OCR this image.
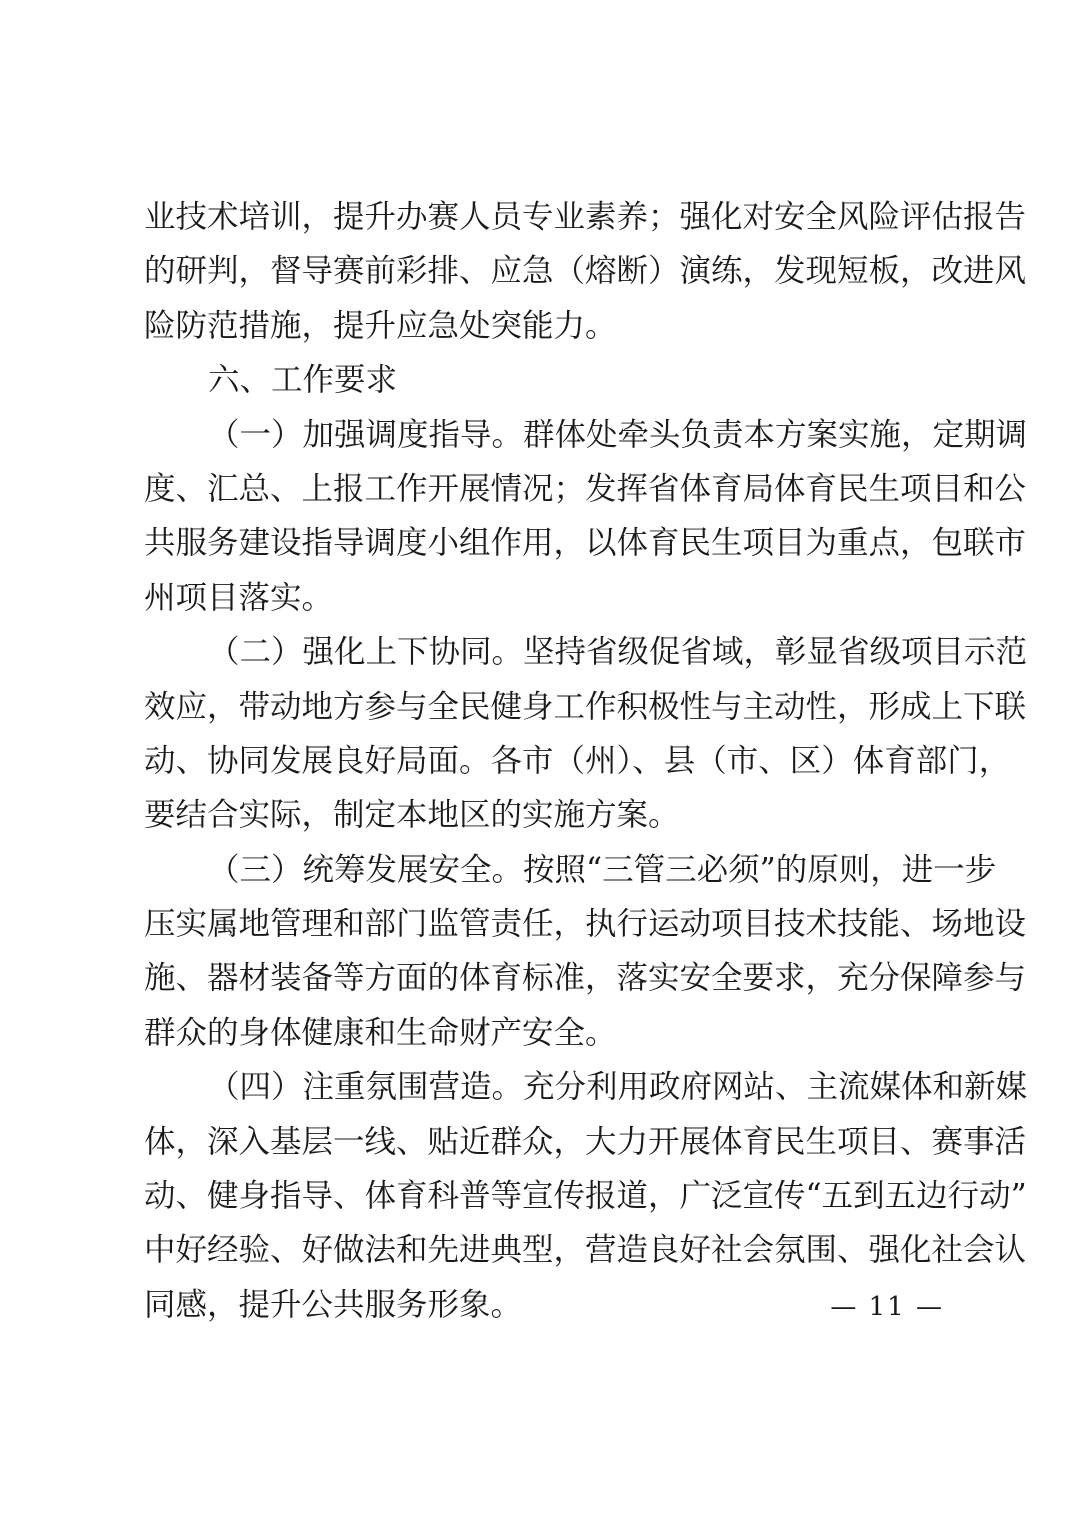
业技术培训，提升办赛人员专业素养；强化对安全风险评估报告
的研判，督导赛前彩排、应急（熔断）演练，发现短板，改进风
险防范措施，提升应急处突能力。
六、工作要求
（一）加强调度指导。群体处牵头负责本方案实施，定期调
度、汇总、上报工作开展情况；发挥省体育局体育民生项目和公
共服务建设指导调度小组作用，以体育民生项目为重点，包联市
州项目落实。
（二）强化上下协同。坚持省级促省域，彰显省级项目示范
效应，带动地方参与全民健身工作积极性与主动性，形成上下联
动、协同发展良好局面。各市（州）、县（市、区）体育部门，
要结合实际，制定本地区的实施方案。
（三）统筹发展安全。按照“三管三必须”的原则，进一步
压实属地管理和部门监管责任，执行运动项目技术技能、场地设
施、器材装备等方面的体育标准，落实安全要求，充分保障参与
群众的身体健康和生命财产安全。
（四）注重氛围营造。充分利用政府网站、主流媒体和新媒
体，深入基层一线、贴近群众，大力开展体育民生项目、赛事活
动、健身指导、体育科普等宣传报道，广泛宣传“五到五边行动”
中好经验、好做法和先进典型，营造良好社会氛围、强化社会认
同感，提升公共服务形象。	— 11 —
